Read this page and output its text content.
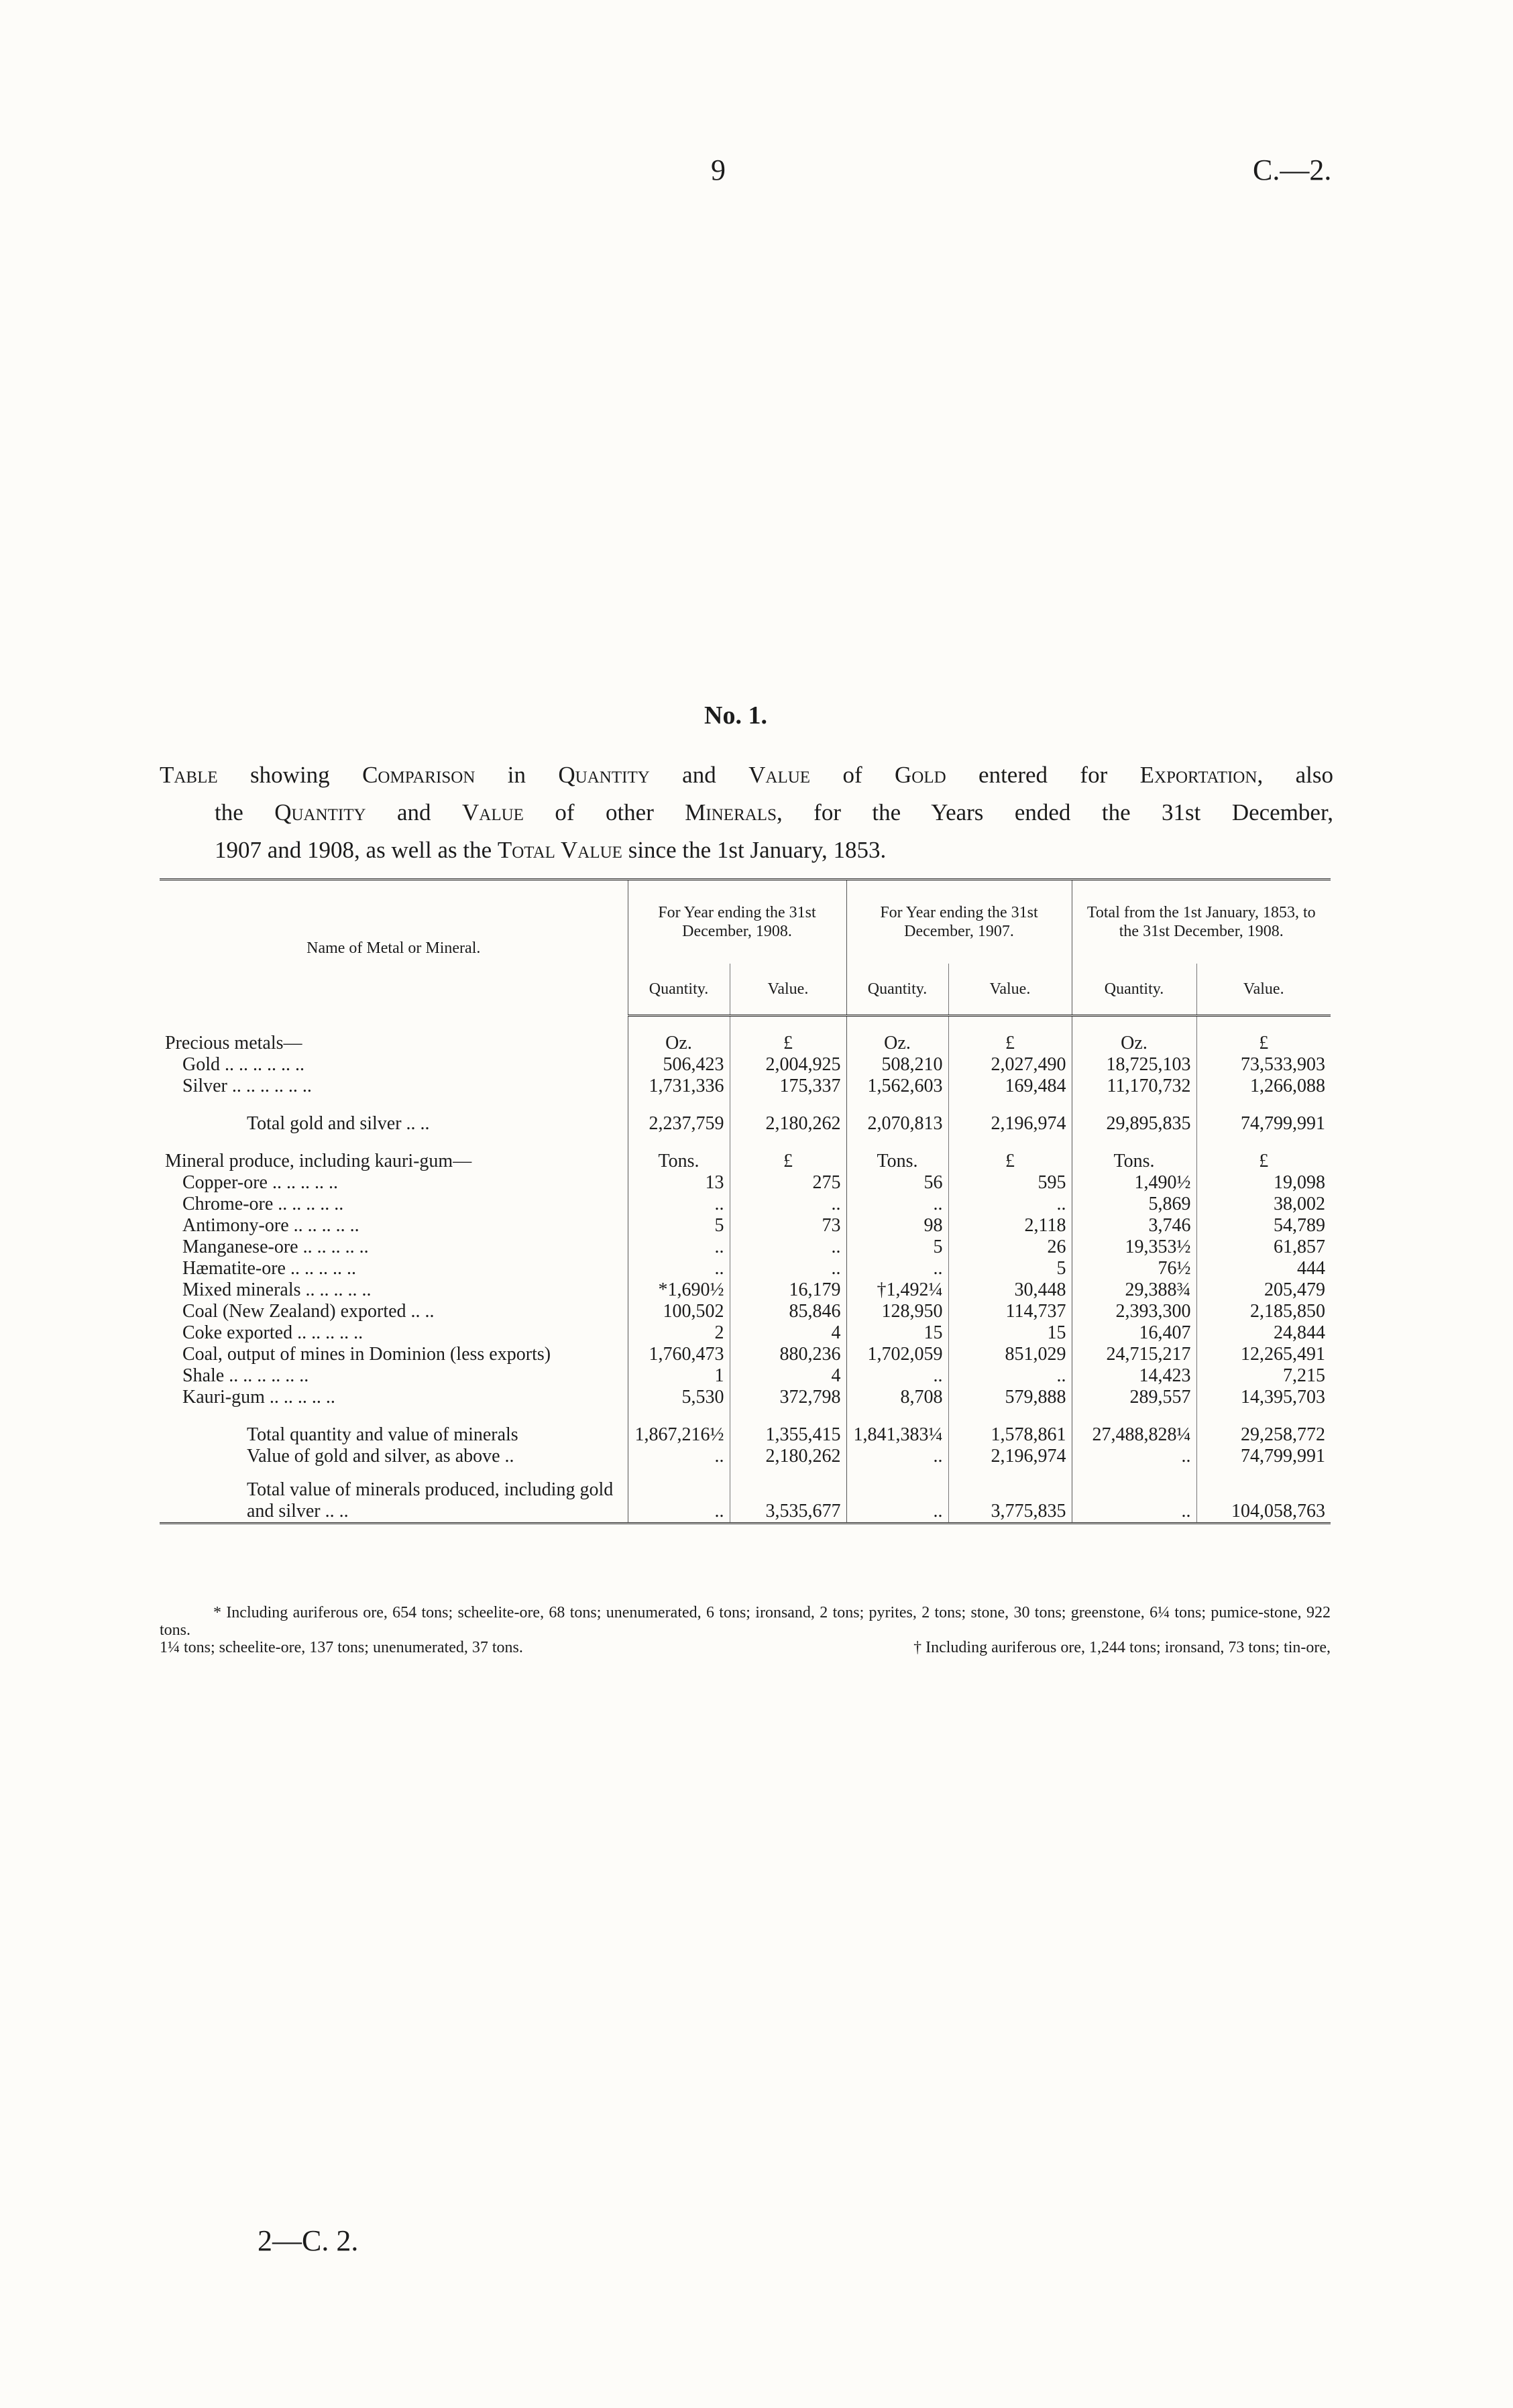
9	C.—2.
No. 1.
Table showing Comparison in Quantity and Value of Gold entered for Exportation, also
the Quantity and Value of other Minerals, for the Years ended the 31st December,
1907 and 1908, as well as the Total Value since the 1st January, 1853.
Name of Metal or Mineral.	For Year ending the 31st December, 1908.		For Year ending the 31st December, 1907.		Total from the 1st January, 1853, to the 31st December, 1908.	
	Quantity.	Value.	Quantity.	Value.	Quantity.	Value.

Precious metals—	Oz.	£	Oz.	£	Oz.	£
Gold .. .. .. .. .. ..	506,423	2,004,925	508,210	2,027,490	18,725,103	73,533,903
Silver .. .. .. .. .. ..	1,731,336	175,337	1,562,603	169,484	11,170,732	1,266,088

Total gold and silver .. ..	2,237,759	2,180,262	2,070,813	2,196,974	29,895,835	74,799,991

Mineral produce, including kauri-gum—	Tons.	£	Tons.	£	Tons.	£
Copper-ore .. .. .. .. ..	13	275	56	595	1,490½	19,098
Chrome-ore .. .. .. .. ..	..	..	..	..	5,869	38,002
Antimony-ore .. .. .. .. ..	5	73	98	2,118	3,746	54,789
Manganese-ore .. .. .. .. ..	..	..	5	26	19,353½	61,857
Hæmatite-ore .. .. .. .. ..	..	..	..	5	76½	444
Mixed minerals .. .. .. .. ..	*1,690½	16,179	†1,492¼	30,448	29,388¾	205,479
Coal (New Zealand) exported .. ..	100,502	85,846	128,950	114,737	2,393,300	2,185,850
Coke exported .. .. .. .. ..	2	4	15	15	16,407	24,844
Coal, output of mines in Dominion (less exports)	1,760,473	880,236	1,702,059	851,029	24,715,217	12,265,491
Shale .. .. .. .. .. ..	1	4	..	..	14,423	7,215
Kauri-gum .. .. .. .. ..	5,530	372,798	8,708	579,888	289,557	14,395,703

Total quantity and value of minerals	1,867,216½	1,355,415	1,841,383¼	1,578,861	27,488,828¼	29,258,772
Value of gold and silver, as above ..	..	2,180,262	..	2,196,974	..	74,799,991

Total value of minerals produced, including gold and silver .. ..	..	3,535,677	..	3,775,835	..	104,058,763
* Including auriferous ore, 654 tons; scheelite-ore, 68 tons; unenumerated, 6 tons; ironsand, 2 tons; pyrites, 2 tons; stone, 30 tons; greenstone, 6¼ tons; pumice-stone, 922 tons.
1¼ tons; scheelite-ore, 137 tons; unenumerated, 37 tons.	† Including auriferous ore, 1,244 tons; ironsand, 73 tons; tin-ore,
2—C. 2.
